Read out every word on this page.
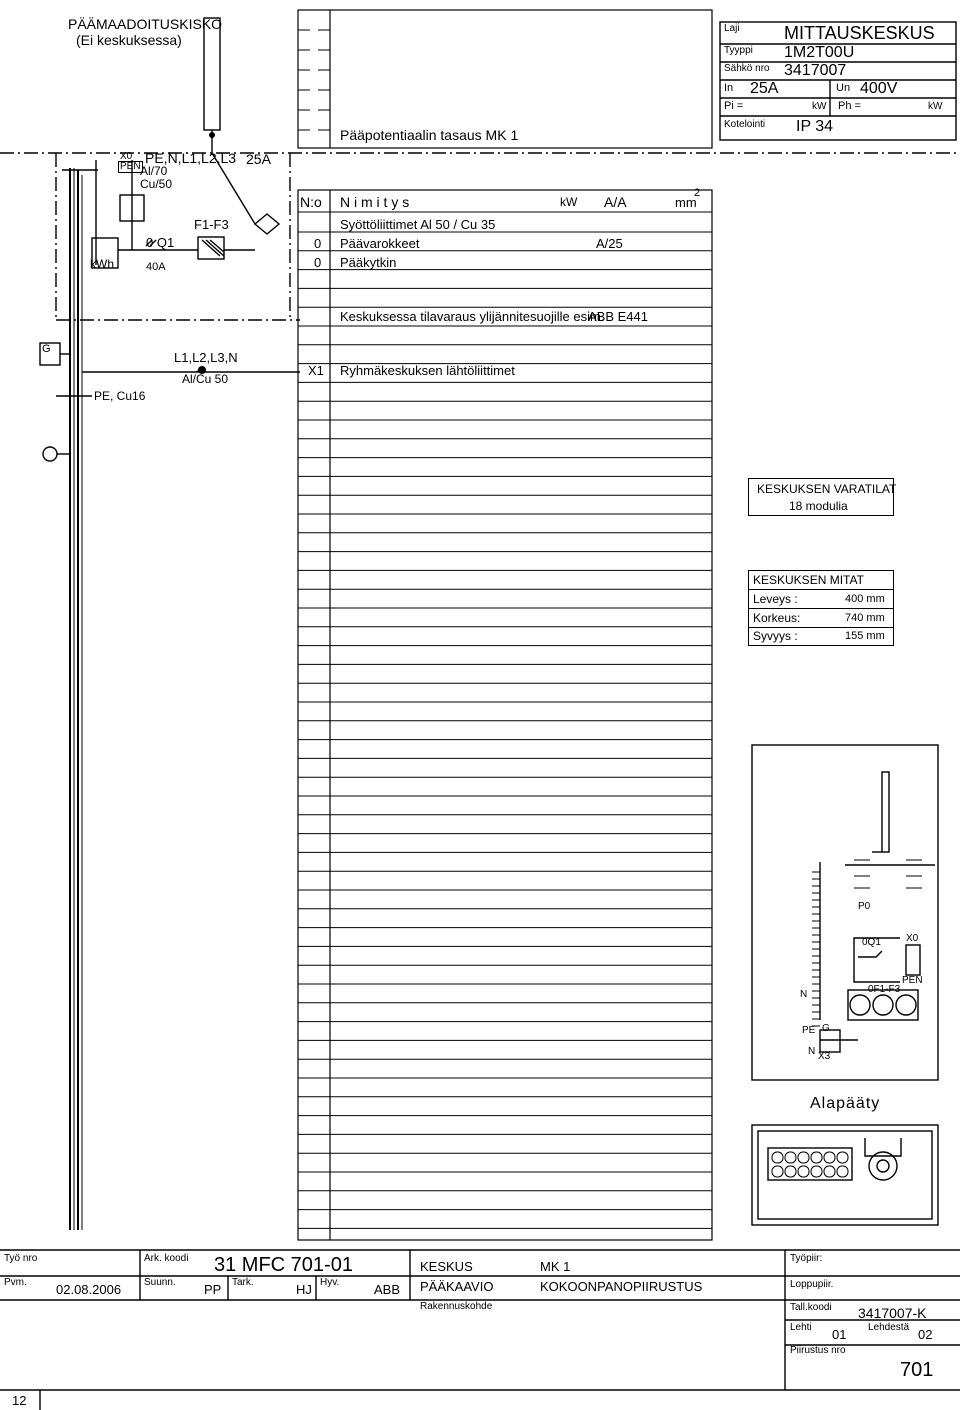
PÄÄMAADOITUSKISKO
(Ei keskuksessa)
Pääpotentiaalin tasaus MK 1
Laji MITTAUSKESKUS
Tyyppi 1M2T00U
Sähkö nro 3417007
In 25A	Un 400V
Pi =	kW Ph =	kW
Kotelointi IP 34
X0
PEN
PE,N,L1,L2,L3
Al/70
Cu/50
25A
kWh
0 Q1
40A
F1-F3
L1,L2,L3,N
Al/Cu 50
PE, Cu16
G
N:o N i m i t y s	kW A/A	mm
2
Syöttöliittimet Al 50 / Cu 35
0 Päävarokkeet	A/25
0 Pääkytkin
Keskuksessa tilavaraus ylijännitesuojille esim.
ABB E441
X1 Ryhmäkeskuksen lähtöliittimet
KESKUKSEN VARATILAT
18 modulia
KESKUKSEN MITAT
Leveys :	400 mm
Korkeus:	740 mm
Syvyys :	155 mm
P0
0Q1	X0
0F1-F3
PEN
N
PE G
N X3
Alapääty
Työ nro	Ark. koodi 31 MFC 701-01	KESKUS	MK 1
PÄÄKAAVIO	KOKOONPANOPIIRUSTUS
Pvm. 02.08.2006 Suunn. PP Tark.	HJ Hyv.	ABB
Rakennuskohde
Työpiir:
Loppupiir.
Tall.koodi 3417007-K
Lehti 01 Lehdestä 02
Piirustus nro
701
12
